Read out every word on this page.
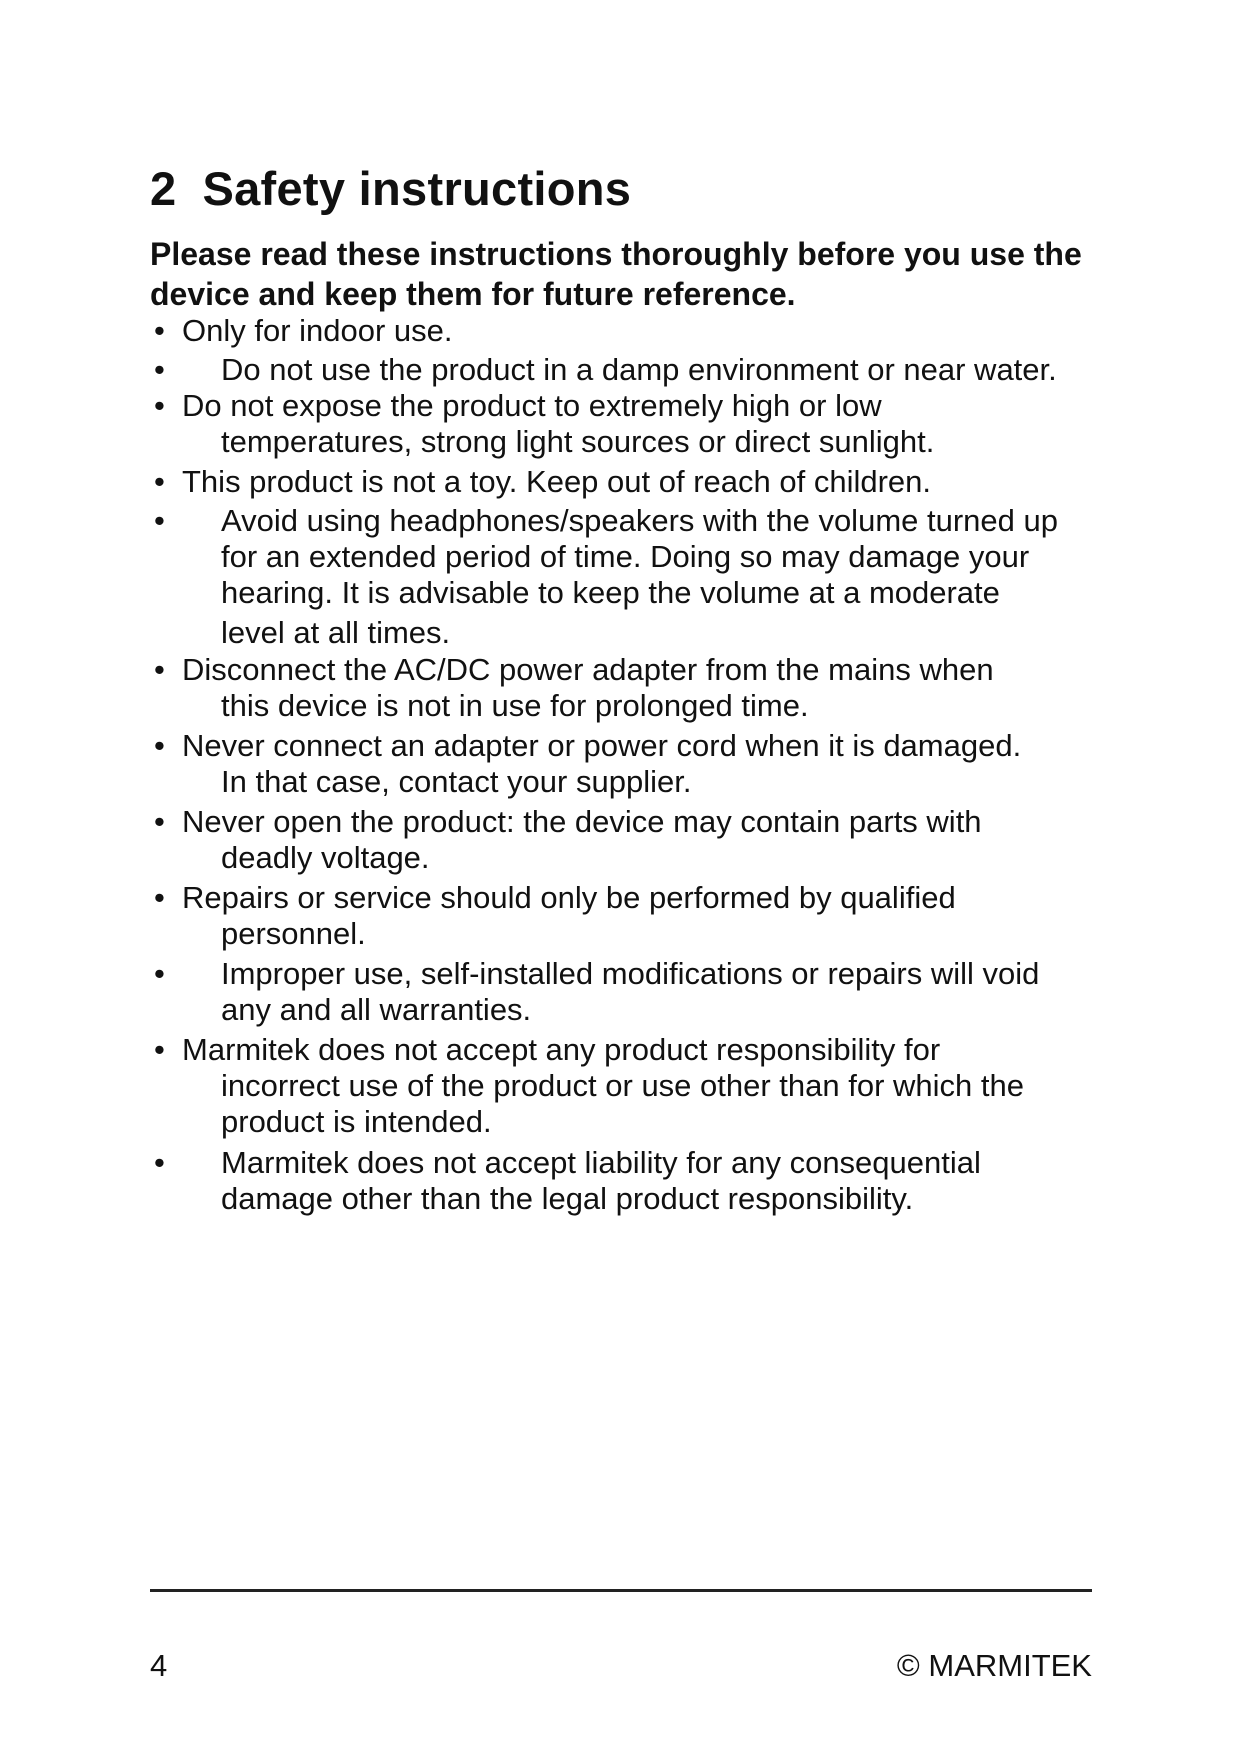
2 Safety instructions

Please read these instructions thoroughly before you use the device and keep them for future reference.

• Only for indoor use.
• Do not use the product in a damp environment or near water.
• Do not expose the product to extremely high or low
temperatures, strong light sources or direct sunlight.
• This product is not a toy. Keep out of reach of children.
• Avoid using headphones/speakers with the volume turned up
for an extended period of time. Doing so may damage your
hearing. It is advisable to keep the volume at a moderate
level at all times.
• Disconnect the AC/DC power adapter from the mains when
this device is not in use for prolonged time.
• Never connect an adapter or power cord when it is damaged.
In that case, contact your supplier.
• Never open the product: the device may contain parts with
deadly voltage.
• Repairs or service should only be performed by qualified
personnel.
• Improper use, self-installed modifications or repairs will void
any and all warranties.
• Marmitek does not accept any product responsibility for
incorrect use of the product or use other than for which the
product is intended.
• Marmitek does not accept liability for any consequential
damage other than the legal product responsibility.
4	© MARMITEK
